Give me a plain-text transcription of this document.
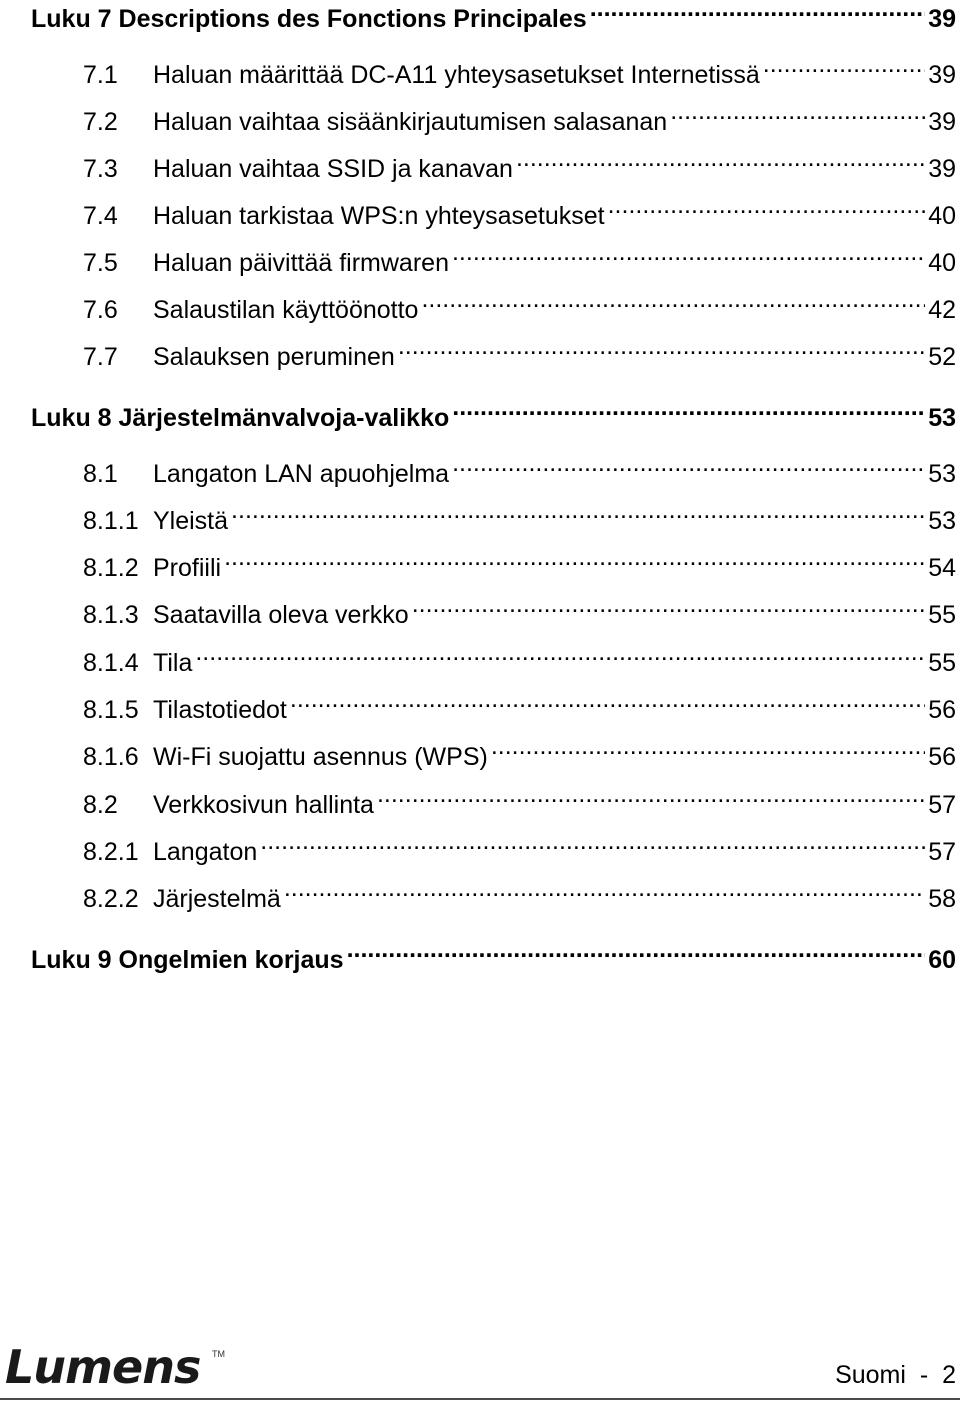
Luku 7 Descriptions des Fonctions Principales .....	39
7.1	Haluan määrittää DC-A11 yhteysasetukset Internetissä .....	39
7.2	Haluan vaihtaa sisäänkirjautumisen salasanan .....	39
7.3	Haluan vaihtaa SSID ja kanavan .....	39
7.4	Haluan tarkistaa WPS:n yhteysasetukset .....	40
7.5	Haluan päivittää firmwaren .....	40
7.6	Salaustilan käyttöönotto .....	42
7.7	Salauksen peruminen .....	52
Luku 8 Järjestelmänvalvoja-valikko .....	53
8.1	Langaton LAN apuohjelma .....	53
8.1.1 Yleistä .....	53
8.1.2 Profiili .....	54
8.1.3 Saatavilla oleva verkko .....	55
8.1.4 Tila .....	55
8.1.5 Tilastotiedot .....	56
8.1.6 Wi-Fi suojattu asennus (WPS) .....	56
8.2	Verkkosivun hallinta .....	57
8.2.1 Langaton .....	57
8.2.2 Järjestelmä .....	58
Luku 9 Ongelmien korjaus .....	60
Lumens TM
Suomi - 2
